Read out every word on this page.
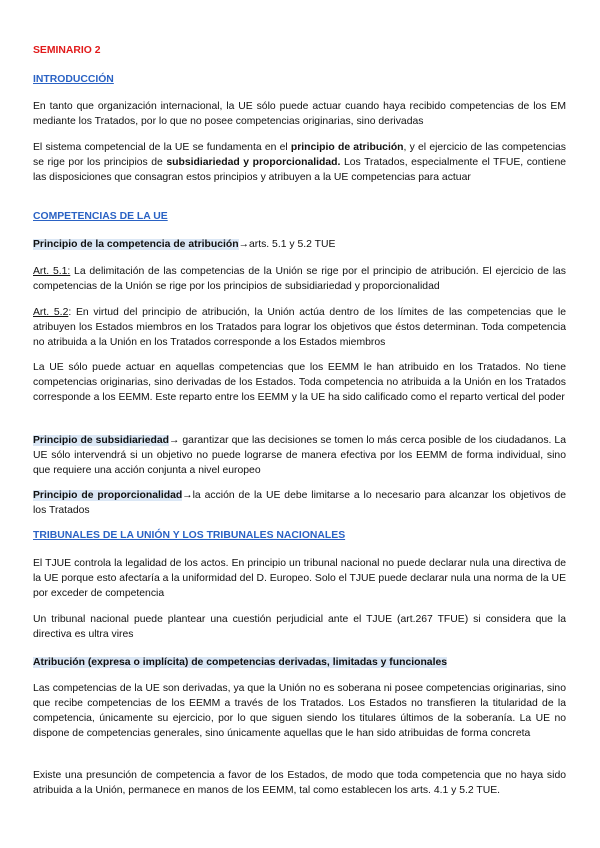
SEMINARIO 2
INTRODUCCIÓN

En tanto que organización internacional, la UE sólo puede actuar cuando haya recibido competencias de los EM mediante los Tratados, por lo que no posee competencias originarias, sino derivadas

El sistema competencial de la UE se fundamenta en el principio de atribución, y el ejercicio de las competencias se rige por los principios de subsidiariedad y proporcionalidad. Los Tratados, especialmente el TFUE, contiene las disposiciones que consagran estos principios y atribuyen a la UE competencias para actuar

COMPETENCIAS DE LA UE

Principio de la competencia de atribución→arts. 5.1 y 5.2 TUE

Art. 5.1: La delimitación de las competencias de la Unión se rige por el principio de atribución. El ejercicio de las competencias de la Unión se rige por los principios de subsidiariedad y proporcionalidad

Art. 5.2: En virtud del principio de atribución, la Unión actúa dentro de los límites de las competencias que le atribuyen los Estados miembros en los Tratados para lograr los objetivos que éstos determinan. Toda competencia no atribuida a la Unión en los Tratados corresponde a los Estados miembros

La UE sólo puede actuar en aquellas competencias que los EEMM le han atribuido en los Tratados. No tiene competencias originarias, sino derivadas de los Estados. Toda competencia no atribuida a la Unión en los Tratados corresponde a los EEMM. Este reparto entre los EEMM y la UE ha sido calificado como el reparto vertical del poder

Principio de subsidiariedad→ garantizar que las decisiones se tomen lo más cerca posible de los ciudadanos. La UE sólo intervendrá si un objetivo no puede lograrse de manera efectiva por los EEMM de forma individual, sino que requiere una acción conjunta a nivel europeo

Principio de proporcionalidad→la acción de la UE debe limitarse a lo necesario para alcanzar los objetivos de los Tratados

TRIBUNALES DE LA UNIÓN Y LOS TRIBUNALES NACIONALES

El TJUE controla la legalidad de los actos. En principio un tribunal nacional no puede declarar nula una directiva de la UE porque esto afectaría a la uniformidad del D. Europeo. Solo el TJUE puede declarar nula una norma de la UE por exceder de competencia

Un tribunal nacional puede plantear una cuestión perjudicial ante el TJUE (art.267 TFUE) si considera que la directiva es ultra vires

Atribución (expresa o implícita) de competencias derivadas, limitadas y funcionales

Las competencias de la UE son derivadas, ya que la Unión no es soberana ni posee competencias originarias, sino que recibe competencias de los EEMM a través de los Tratados. Los Estados no transfieren la titularidad de la competencia, únicamente su ejercicio, por lo que siguen siendo los titulares últimos de la soberanía. La UE no dispone de competencias generales, sino únicamente aquellas que le han sido atribuidas de forma concreta

Existe una presunción de competencia a favor de los Estados, de modo que toda competencia que no haya sido atribuida a la Unión, permanece en manos de los EEMM, tal como establecen los arts. 4.1 y 5.2 TUE.
